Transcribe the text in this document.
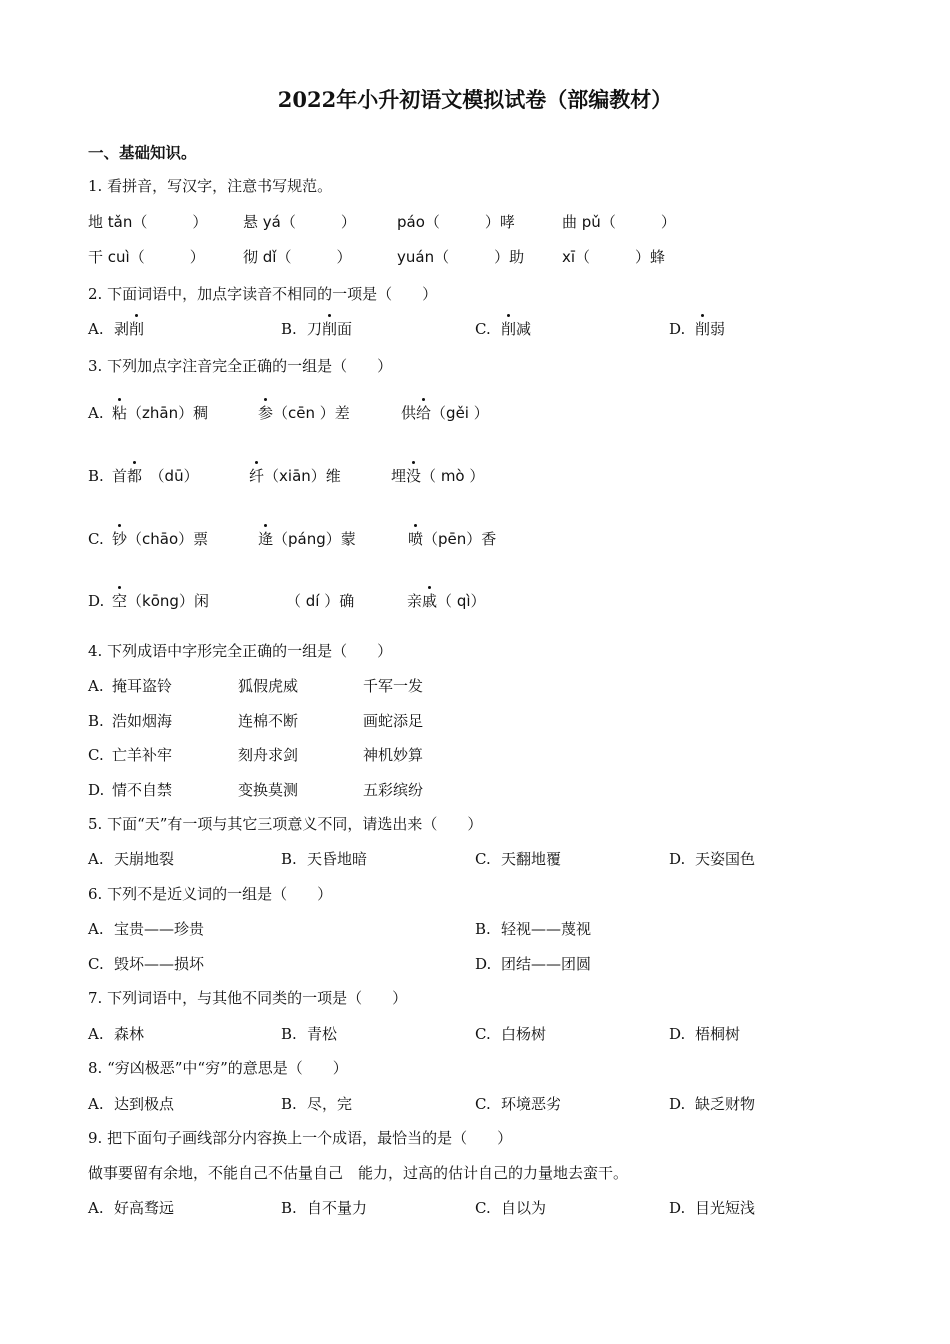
2022年小升初语文模拟试卷（部编教材）
一、基础知识。
1. 看拼音，写汉字，注意书写规范。
地 tǎn（　　　） 悬 yá（　　　）	páo（　　　）哮	曲 pǔ（　　　）
干 cuì（　　　）	彻 dǐ（　　　）	yuán（　　　）助	xī（　　　）蜂
2. 下面词语中，加点字读音不相同的一项是（　　）
A. 剥削	B. 刀削面	C. 削减	D. 削弱
3. 下列加点字注音完全正确的一组是（　　）
A. 粘（zhān）稠	参（cēn ）差	供给（gěi ）
B. 首都　（dū）	纤（xiān）维	埋没（ mò ）
C. 钞（chāo）票	逄（páng）蒙	喷（pēn）香
D. 空（kōng）闲	（ dí ）确	亲戚（ qì）
4. 下列成语中字形完全正确的一组是（　　）
A. 掩耳盗铃	狐假虎威	千军一发
B. 浩如烟海	连棉不断	画蛇添足
C. 亡羊补牢	刻舟求剑	神机妙算
D. 情不自禁	变换莫测	五彩缤纷
5. 下面“天”有一项与其它三项意义不同，请选出来（　　）
A. 天崩地裂	B. 天昏地暗	C. 天翻地覆	D. 天姿国色
6. 下列不是近义词的一组是（　　）
A. 宝贵——珍贵	B. 轻视——蔑视
C. 毁坏——损坏	D. 团结——团圆
7. 下列词语中，与其他不同类的一项是（　　）
A. 森林	B. 青松	C. 白杨树	D. 梧桐树
8. “穷凶极恶”中“穷”的意思是（　　）
A. 达到极点	B. 尽，完	C. 环境恶劣	D. 缺乏财物
9. 把下面句子画线部分内容换上一个成语，最恰当的是（　　）
做事要留有余地，不能自己不估量自己　能力，过高的估计自己的力量地去蛮干。
A. 好高骛远	B. 自不量力	C. 自以为	D. 目光短浅
